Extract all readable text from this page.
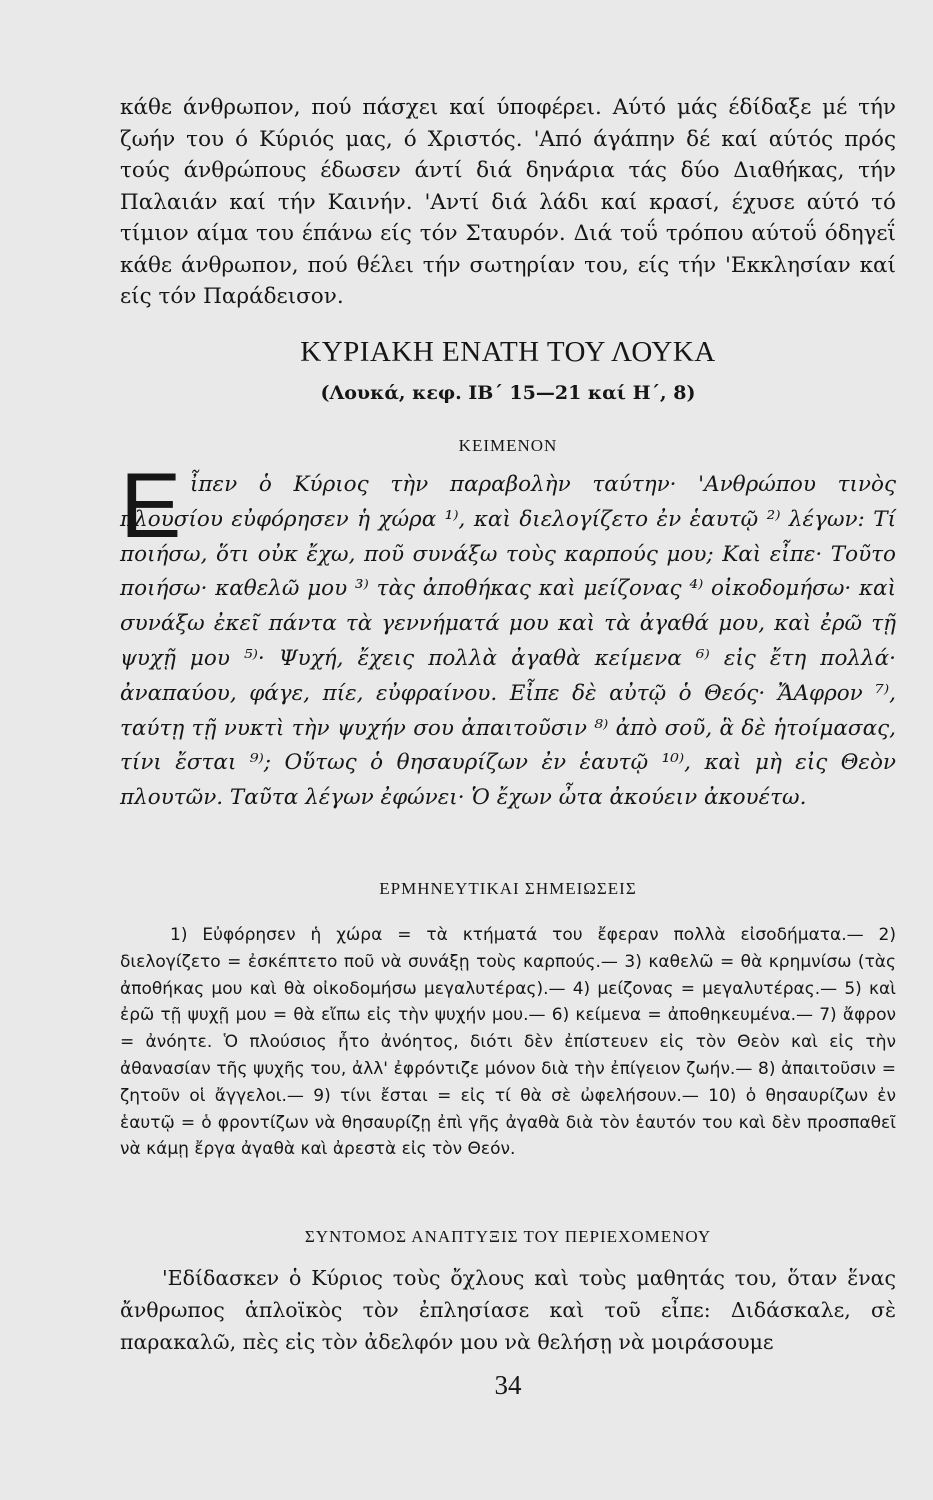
κάθε άνθρωπον, πού πάσχει καί ύποφέρει. Αύτό μάς έδίδαξε μέ τήν ζωήν του ό Κύριός μας, ό Χριστός. 'Από άγάπην δέ καί αύτός πρός τούς άνθρώπους έδωσεν άντί διά δηνάρια τάς δύο Διαθήκας, τήν Παλαιάν καί τήν Καινήν. 'Αντί διά λάδι καί κρασί, έχυσε αύτό τό τίμιον αίμα του έπάνω είς τόν Σταυρόν. Διά τοΰ τρόπου αύτοΰ όδηγεΐ κάθε άνθρωπον, πού θέλει τήν σωτηρίαν του, είς τήν 'Εκκλησίαν καί είς τόν Παράδεισον.

ΚΥΡΙΑΚΗ ΕΝΑΤΗ ΤΟΥ ΛΟΥΚΑ
(Λουκά, κεφ. ΙΒ΄ 15—21 καί Η΄, 8)
ΚΕΙΜΕΝΟΝ
E ἶπεν ὁ Κύριος τὴν παραβολὴν ταύτην· 'Ανθρώπου τινὸς πλουσίου εὐφόρησεν ἡ χώρα ¹⁾, καὶ διελογίζετο ἐν ἑαυτῷ ²⁾ λέγων: Τί ποιήσω, ὅτι οὐκ ἔχω, ποῦ συνάξω τοὺς καρπούς μου; Καὶ εἶπε· Τοῦτο ποιήσω· καθελῶ μου ³⁾ τὰς ἀποθήκας καὶ μείζονας ⁴⁾ οἰκοδομήσω· καὶ συνάξω ἐκεῖ πάντα τὰ γεννήματά μου καὶ τὰ ἀγαθά μου, καὶ ἐρῶ τῇ ψυχῇ μου ⁵⁾· Ψυχή, ἔχεις πολλὰ ἀγαθὰ κείμενα ⁶⁾ εἰς ἔτη πολλά· ἀναπαύου, φάγε, πίε, εὐφραίνου. Εἶπε δὲ αὐτῷ ὁ Θεός· ἌΑφρον ⁷⁾, ταύτῃ τῇ νυκτὶ τὴν ψυχήν σου ἀπαιτοῦσιν ⁸⁾ ἀπὸ σοῦ, ἃ δὲ ἡτοίμασας, τίνι ἔσται ⁹⁾; Οὕτως ὁ θησαυρίζων ἐν ἑαυτῷ ¹⁰⁾, καὶ μὴ εἰς Θεὸν πλουτῶν. Ταῦτα λέγων ἐφώνει· Ὁ ἔχων ὦτα ἀκούειν ἀκουέτω.

ΕΡΜΗΝΕΥΤΙΚΑΙ ΣΗΜΕΙΩΣΕΙΣ

1) Εὐφόρησεν ἡ χώρα = τὰ κτήματά του ἔφεραν πολλὰ εἰσοδήματα.— 2) διελογίζετο = ἐσκέπτετο ποῦ νὰ συνάξῃ τοὺς καρπούς.— 3) καθελῶ = θὰ κρημνίσω (τὰς ἀποθήκας μου καὶ θὰ οἰκοδομήσω μεγαλυτέρας).— 4) μείζονας = μεγαλυτέρας.— 5) καὶ ἐρῶ τῇ ψυχῇ μου = θὰ εἴπω εἰς τὴν ψυχήν μου.— 6) κείμενα = ἀποθηκευμένα.— 7) ἄφρον = ἀνόητε. Ὁ πλούσιος ἦτο ἀνόητος, διότι δὲν ἐπίστευεν εἰς τὸν Θεὸν καὶ εἰς τὴν ἀθανασίαν τῆς ψυχῆς του, ἀλλ' ἐφρόντιζε μόνον διὰ τὴν ἐπίγειον ζωήν.— 8) ἀπαιτοῦσιν = ζητοῦν οἱ ἄγγελοι.— 9) τίνι ἔσται = εἰς τί θὰ σὲ ὠφελήσουν.— 10) ὁ θησαυρίζων ἐν ἑαυτῷ = ὁ φροντίζων νὰ θησαυρίζῃ ἐπὶ γῆς ἀγαθὰ διὰ τὸν ἑαυτόν του καὶ δὲν προσπαθεῖ νὰ κάμῃ ἔργα ἀγαθὰ καὶ ἀρεστὰ εἰς τὸν Θεόν.

ΣΥΝΤΟΜΟΣ ΑΝΑΠΤΥΞΙΣ ΤΟΥ ΠΕΡΙΕΧΟΜΕΝΟΥ

'Εδίδασκεν ὁ Κύριος τοὺς ὄχλους καὶ τοὺς μαθητάς του, ὅταν ἕνας ἄνθρωπος ἁπλοϊκὸς τὸν ἐπλησίασε καὶ τοῦ εἶπε: Διδάσκαλε, σὲ παρακαλῶ, πὲς εἰς τὸν ἀδελφόν μου νὰ θελήσῃ νὰ μοιράσουμε

34
